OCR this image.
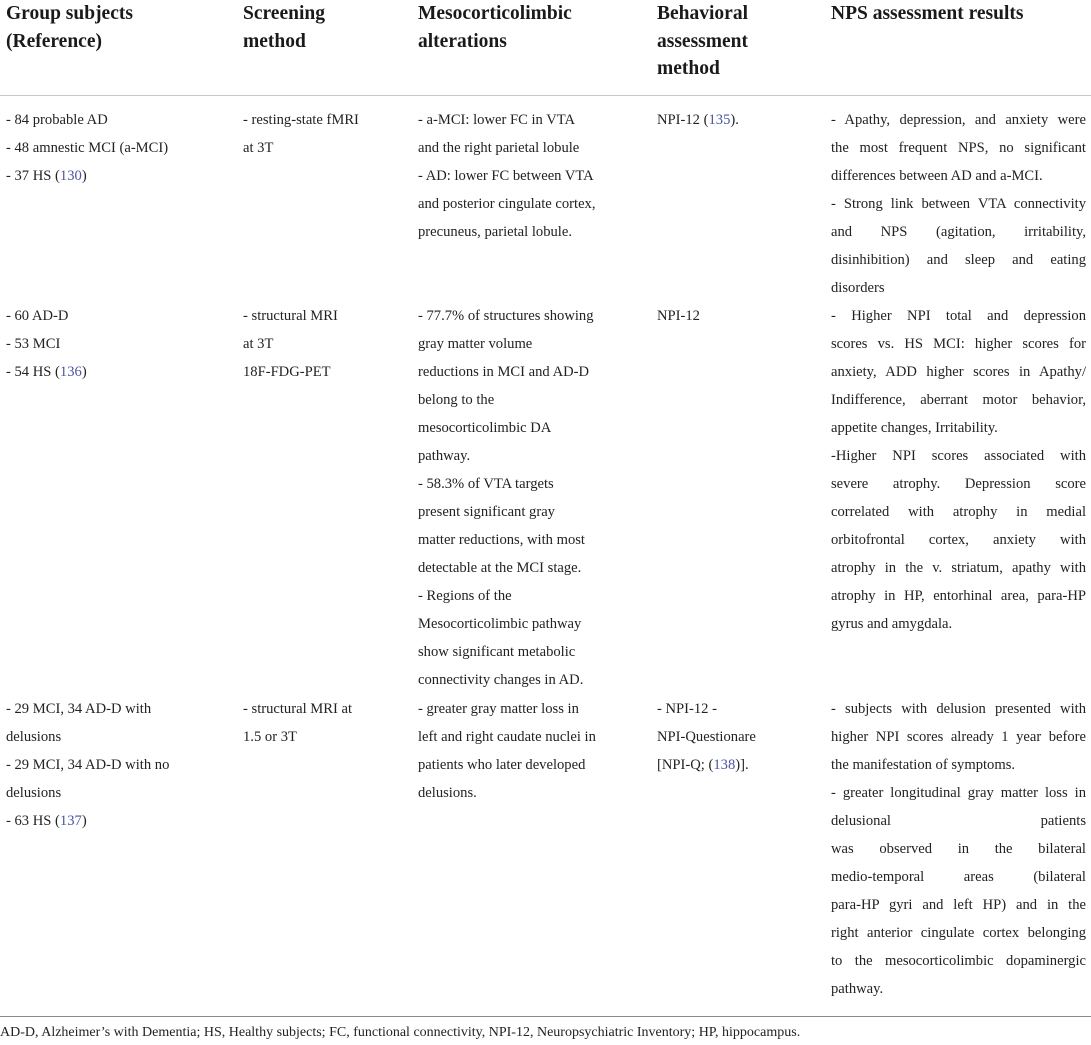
Group subjects
(Reference)
Screening
method
Mesocorticolimbic
alterations
Behavioral
assessment
method
NPS assessment results
- 84 probable AD
- 48 amnestic MCI (a-MCI)
- 37 HS (130)
- resting-state fMRI
at 3T
- a-MCI: lower FC in VTA
and the right parietal lobule
- AD: lower FC between VTA
and posterior cingulate cortex,
precuneus, parietal lobule.
NPI-12 (135).	- Apathy, depression, and anxiety were
the most frequent NPS, no significant
differences between AD and a-MCI.
- Strong link between VTA connectivity
and NPS (agitation, irritability,
disinhibition) and sleep and eating
disorders
- 60 AD-D
- 53 MCI
- 54 HS (136)
- structural MRI
at 3T
18F-FDG-PET
- 77.7% of structures showing
gray matter volume
reductions in MCI and AD-D
belong to the
mesocorticolimbic DA
pathway.
- 58.3% of VTA targets
present significant gray
matter reductions, with most
detectable at the MCI stage.
- Regions of the
Mesocorticolimbic pathway
show significant metabolic
connectivity changes in AD.
NPI-12	- Higher NPI total and depression
scores vs. HS MCI: higher scores for
anxiety, ADD higher scores in Apathy/
Indifference, aberrant motor behavior,
appetite changes, Irritability.
-Higher NPI scores associated with
severe atrophy. Depression score
correlated with atrophy in medial
orbitofrontal cortex, anxiety with
atrophy in the v. striatum, apathy with
atrophy in HP, entorhinal area, para-HP
gyrus and amygdala.
- 29 MCI, 34 AD-D with
delusions
- 29 MCI, 34 AD-D with no
delusions
- 63 HS (137)
- structural MRI at
1.5 or 3T
- greater gray matter loss in
left and right caudate nuclei in
patients who later developed
delusions.
- NPI-12 -
NPI-Questionare
[NPI-Q; (138)].
- subjects with delusion presented with
higher NPI scores already 1 year before
the manifestation of symptoms.
- greater longitudinal gray matter loss in
delusional patients
was observed in the bilateral
medio-temporal areas (bilateral
para-HP gyri and left HP) and in the
right anterior cingulate cortex belonging
to the mesocorticolimbic dopaminergic
pathway.
AD-D, Alzheimer’s with Dementia; HS, Healthy subjects; FC, functional connectivity, NPI-12, Neuropsychiatric Inventory; HP, hippocampus.
